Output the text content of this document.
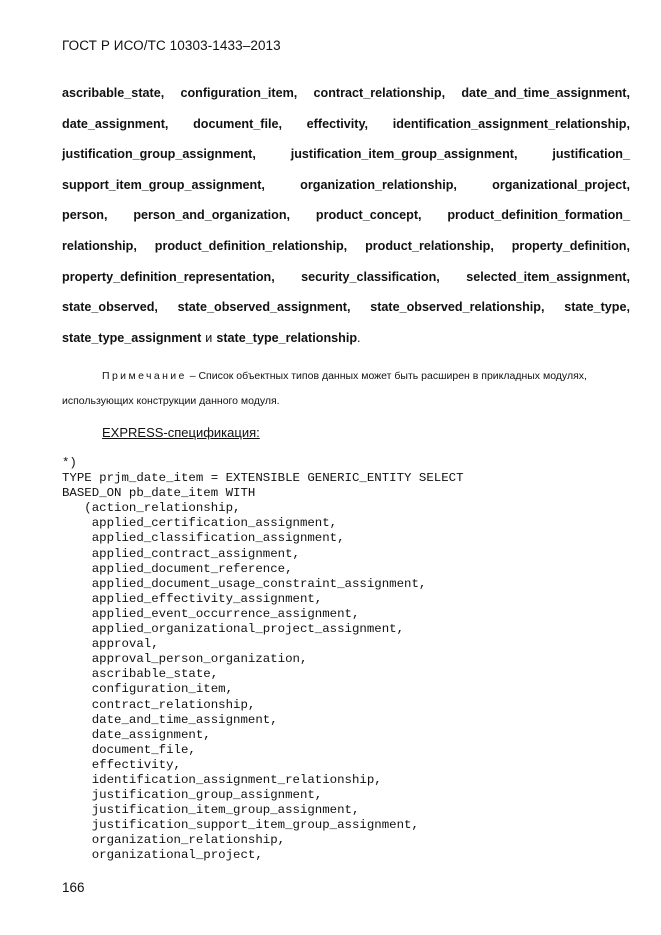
ГОСТ Р ИСО/ТС 10303-1433–2013
ascribable_state, configuration_item, contract_relationship, date_and_time_assignment,
date_assignment, document_file, effectivity, identification_assignment_relationship,
justification_group_assignment,	justification_item_group_assignment,	justification_
support_item_group_assignment,	organization_relationship,	organizational_project,
person, person_and_organization, product_concept, product_definition_formation_
relationship, product_definition_relationship, product_relationship, property_definition,
property_definition_representation, security_classification, selected_item_assignment,
state_observed, state_observed_assignment, state_observed_relationship, state_type,
state_type_assignment и state_type_relationship .
Примечание – Список объектных типов данных может быть расширен в прикладных модулях, использующих конструкции данного модуля.
EXPRESS-спецификация:
*)
TYPE prjm_date_item = EXTENSIBLE GENERIC_ENTITY SELECT
BASED_ON pb_date_item WITH
(action_relationship,
applied_certification_assignment,
applied_classification_assignment,
applied_contract_assignment,
applied_document_reference,
applied_document_usage_constraint_assignment,
applied_effectivity_assignment,
applied_event_occurrence_assignment,
applied_organizational_project_assignment,
approval,
approval_person_organization,
ascribable_state,
configuration_item,
contract_relationship,
date_and_time_assignment,
date_assignment,
document_file,
effectivity,
identification_assignment_relationship,
justification_group_assignment,
justification_item_group_assignment,
justification_support_item_group_assignment,
organization_relationship,
organizational_project,
166
